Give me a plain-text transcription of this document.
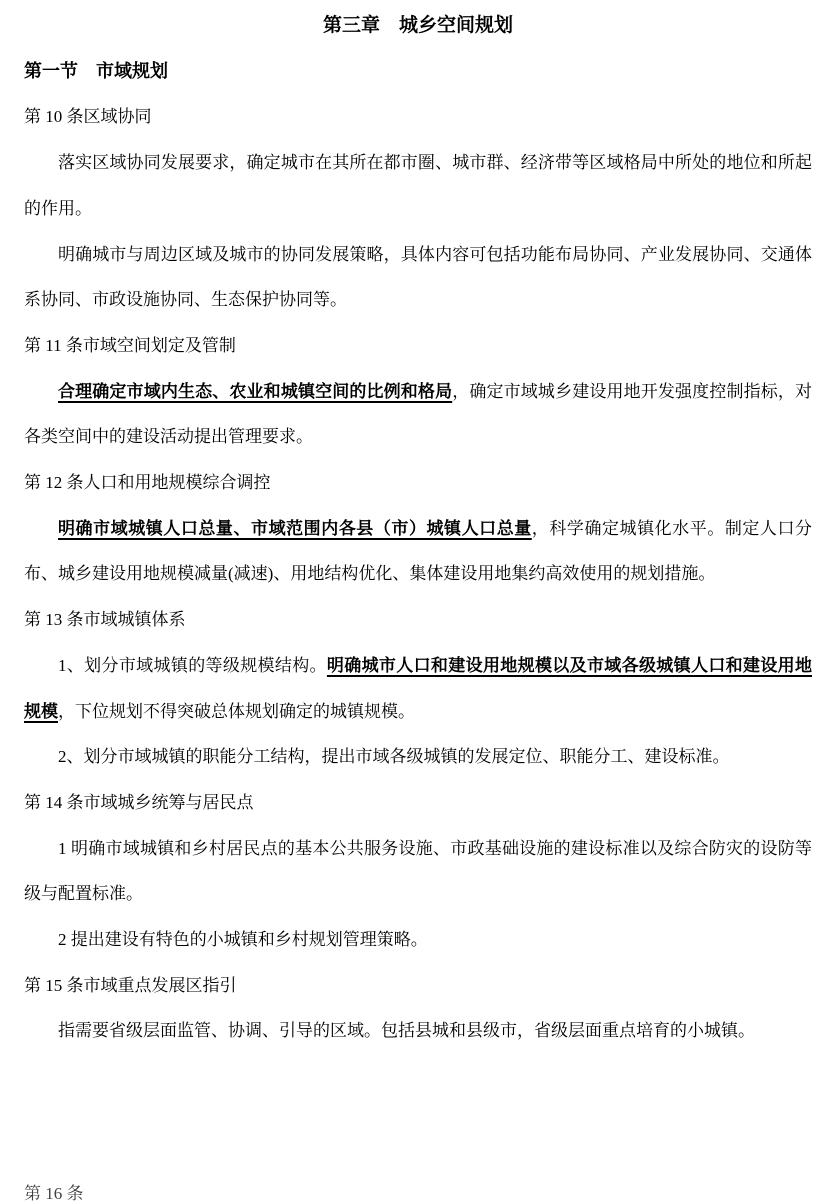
第三章　城乡空间规划
第一节　市域规划
第 10 条区域协同

落实区域协同发展要求，确定城市在其所在都市圈、城市群、经济带等区域格局中所处的地位和所起的作用。

明确城市与周边区域及城市的协同发展策略，具体内容可包括功能布局协同、产业发展协同、交通体系协同、市政设施协同、生态保护协同等。

第 11 条市域空间划定及管制

合理确定市域内生态、农业和城镇空间的比例和格局，确定市域城乡建设用地开发强度控制指标，对各类空间中的建设活动提出管理要求。

第 12 条人口和用地规模综合调控

明确市域城镇人口总量、市域范围内各县（市）城镇人口总量，科学确定城镇化水平。制定人口分布、城乡建设用地规模减量(减速)、用地结构优化、集体建设用地集约高效使用的规划措施。

第 13 条市域城镇体系

1、划分市域城镇的等级规模结构。明确城市人口和建设用地规模以及市域各级城镇人口和建设用地规模，下位规划不得突破总体规划确定的城镇规模。

2、划分市域城镇的职能分工结构，提出市域各级城镇的发展定位、职能分工、建设标准。

第 14 条市域城乡统筹与居民点

1 明确市域城镇和乡村居民点的基本公共服务设施、市政基础设施的建设标准以及综合防灾的设防等级与配置标准。

2 提出建设有特色的小城镇和乡村规划管理策略。

第 15 条市域重点发展区指引

指需要省级层面监管、协调、引导的区域。包括县城和县级市，省级层面重点培育的小城镇。

第 16 条
